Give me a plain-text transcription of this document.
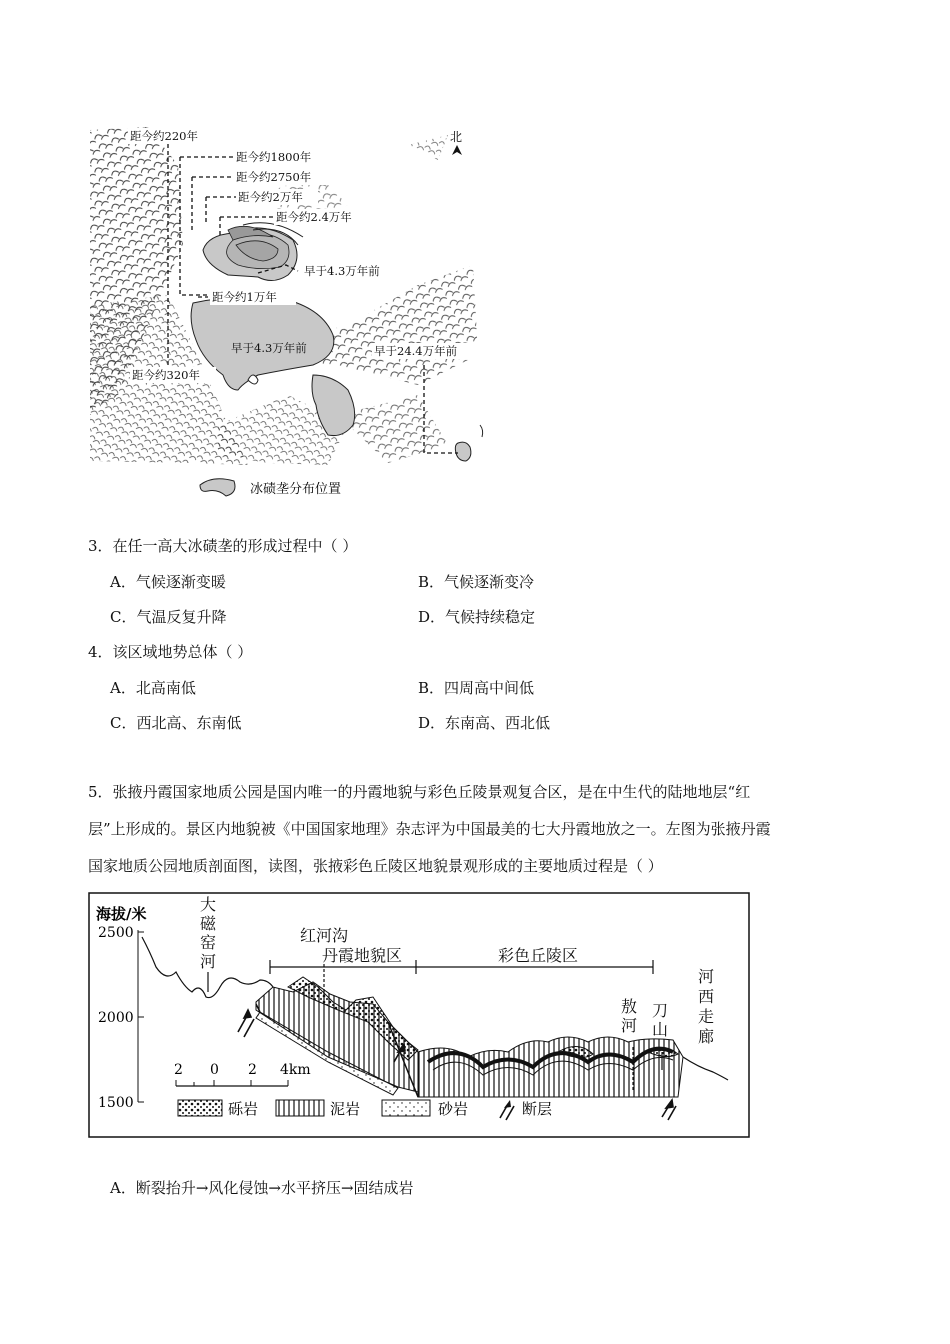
北
距今约220年
距今约1800年
距今约2750年
距今约2万年
距今约2.4万年
早于4.3万年前
距今约1万年
早于4.3万年前	早于24.4万年前
距今约320年
冰碛垄分布位置
3．在任一高大冰碛垄的形成过程中（ ）
A．气候逐渐变暖	B．气候逐渐变冷
C．气温反复升降	D．气候持续稳定
4．该区域地势总体（ ）
A．北高南低	B．四周高中间低
C．西北高、东南低	D．东南高、西北低
5．张掖丹霞国家地质公园是国内唯一的丹霞地貌与彩色丘陵景观复合区，是在中生代的陆地地层“红
层”上形成的。景区内地貌被《中国国家地理》杂志评为中国最美的七大丹霞地放之一。左图为张掖丹霞
国家地质公园地质剖面图，读图，张掖彩色丘陵区地貌景观形成的主要地质过程是（ ）
海拔/米
2500
2000
1500
大
磁
窑
河
红河沟
丹霞地貌区	彩色丘陵区
敖
河
刀
山
河
西
走
廊
2 0 2 4km
砾岩	泥岩	砂岩	断层
A．断裂抬升→风化侵蚀→水平挤压→固结成岩
